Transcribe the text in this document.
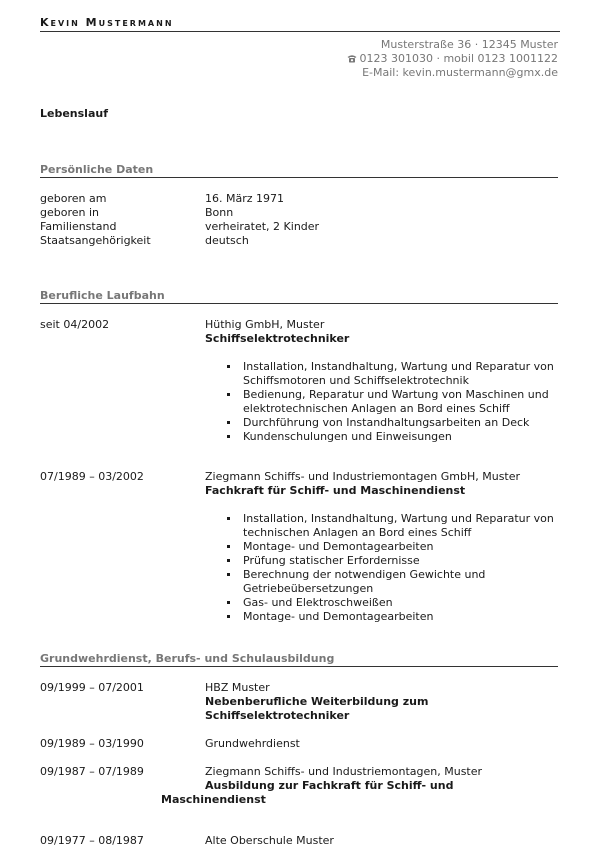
Kevin Mustermann
Musterstraße 36 · 12345 Muster
0123 301030 · mobil 0123 1001122
E-Mail: kevin.mustermann@gmx.de
Lebenslauf
Persönliche Daten
geboren am	16. März 1971
geboren in	Bonn
Familienstand	verheiratet, 2 Kinder
Staatsangehörigkeit	deutsch
Berufliche Laufbahn
seit 04/2002	Hüthig GmbH, Muster
Schiffselektrotechniker
Installation, Instandhaltung, Wartung und Reparatur von Schiffsmotoren und Schiffselektrotechnik
Bedienung, Reparatur und Wartung von Maschinen und elektrotechnischen Anlagen an Bord eines Schiff
Durchführung von Instandhaltungsarbeiten an Deck
Kundenschulungen und Einweisungen
07/1989 – 03/2002	Ziegmann Schiffs- und Industriemontagen GmbH, Muster
Fachkraft für Schiff- und Maschinendienst
Installation, Instandhaltung, Wartung und Reparatur von technischen Anlagen an Bord eines Schiff
Montage- und Demontagearbeiten
Prüfung statischer Erfordernisse
Berechnung der notwendigen Gewichte und Getriebeübersetzungen
Gas- und Elektroschweißen
Montage- und Demontagearbeiten
Grundwehrdienst, Berufs- und Schulausbildung
09/1999 – 07/2001	HBZ Muster
Nebenberufliche Weiterbildung zum Schiffselektrotechniker
09/1989 – 03/1990	Grundwehrdienst
09/1987 – 07/1989	Ziegmann Schiffs- und Industriemontagen, Muster
Ausbildung zur Fachkraft für Schiff- und
Maschinendienst
09/1977 – 08/1987	Alte Oberschule Muster
